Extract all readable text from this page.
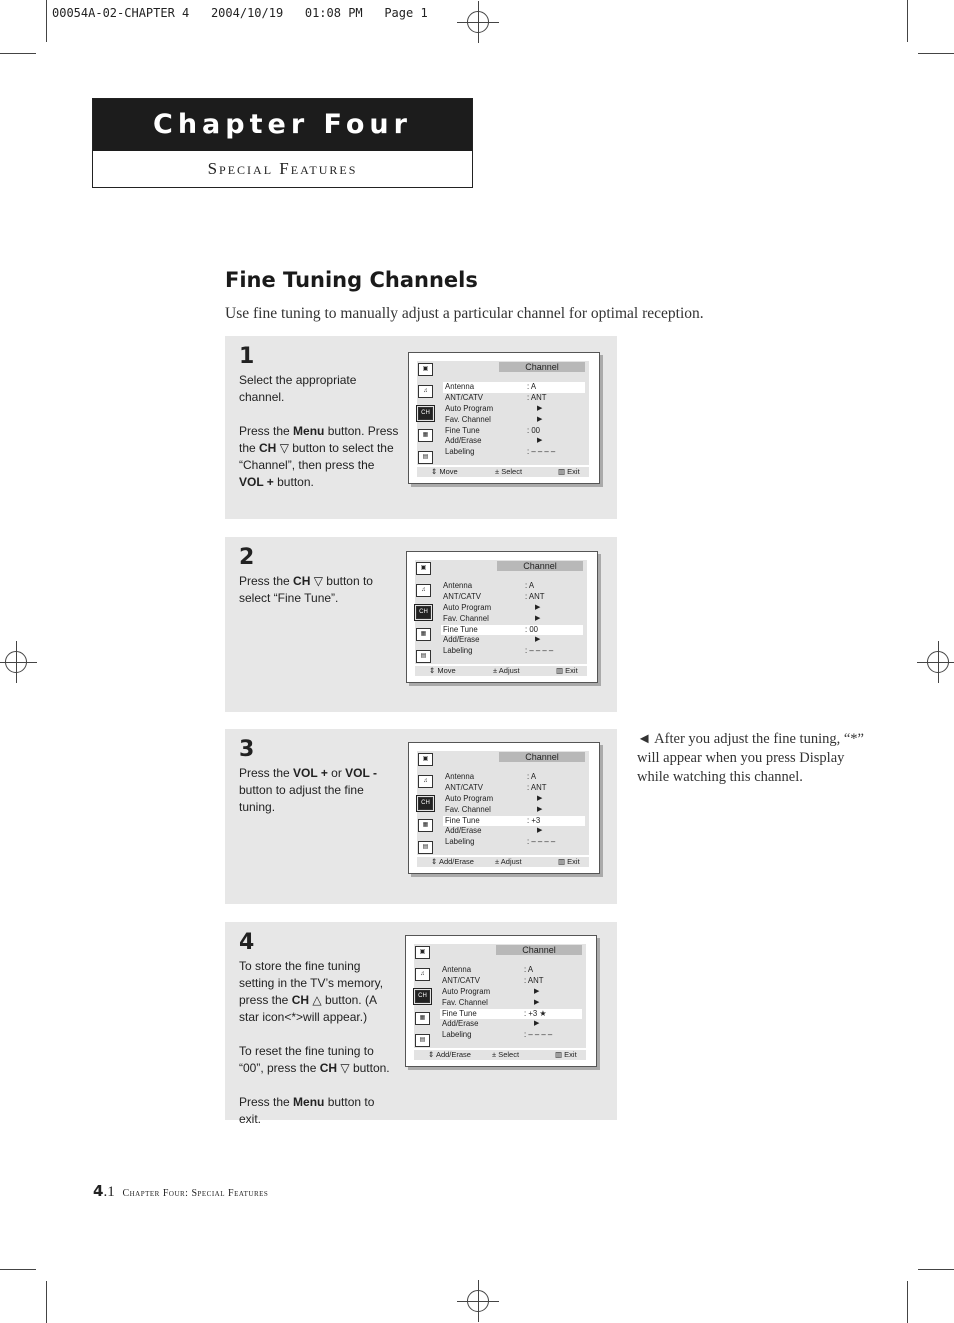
00054A-02-CHAPTER 4   2004/10/19   01:08 PM   Page 1
Chapter Four
Special Features
Fine Tuning Channels
Use fine tuning to manually adjust a particular channel for optimal reception.
1

Select the appropriate channel.

Press the Menu button. Press the CH ▽ button to select the “Channel”, then press the VOL + button.

▣
♫
CH
▦
▤
Channel
Antenna	: A
ANT/CATV	: ANT
Auto Program	▶
Fav. Channel	▶
Fine Tune	: 00
Add/Erase	▶
Labeling	: – – – –
⇕ Move	± Select	▥ Exit
2

Press the CH ▽ button to select “Fine Tune”.

▣
♫
CH
▦
▤
Channel
Antenna	: A
ANT/CATV	: ANT
Auto Program	▶
Fav. Channel	▶
Fine Tune	: 00
Add/Erase	▶
Labeling	: – – – –
⇕ Move	± Adjust	▥ Exit
3

Press the VOL + or VOL - button to adjust the fine tuning.

▣
♫
CH
▦
▤
Channel
Antenna	: A
ANT/CATV	: ANT
Auto Program	▶
Fav. Channel	▶
Fine Tune	: +3
Add/Erase	▶
Labeling	: – – – –
⇕ Add/Erase	± Adjust	▥ Exit
4

To store the fine tuning setting in the TV’s memory, press the CH △ button. (A star icon<*>will appear.)

To reset the fine tuning to “00”, press the CH ▽ button.

Press the Menu button to exit.

▣
♫
CH
▦
▤
Channel
Antenna	: A
ANT/CATV	: ANT
Auto Program	▶
Fav. Channel	▶
Fine Tune	: +3 ★
Add/Erase	▶
Labeling	: – – – –
⇕ Add/Erase	± Select	▥ Exit
◄ After you adjust the fine tuning, “*” will appear when you press Display while watching this channel.
4.1 Chapter Four: Special Features
